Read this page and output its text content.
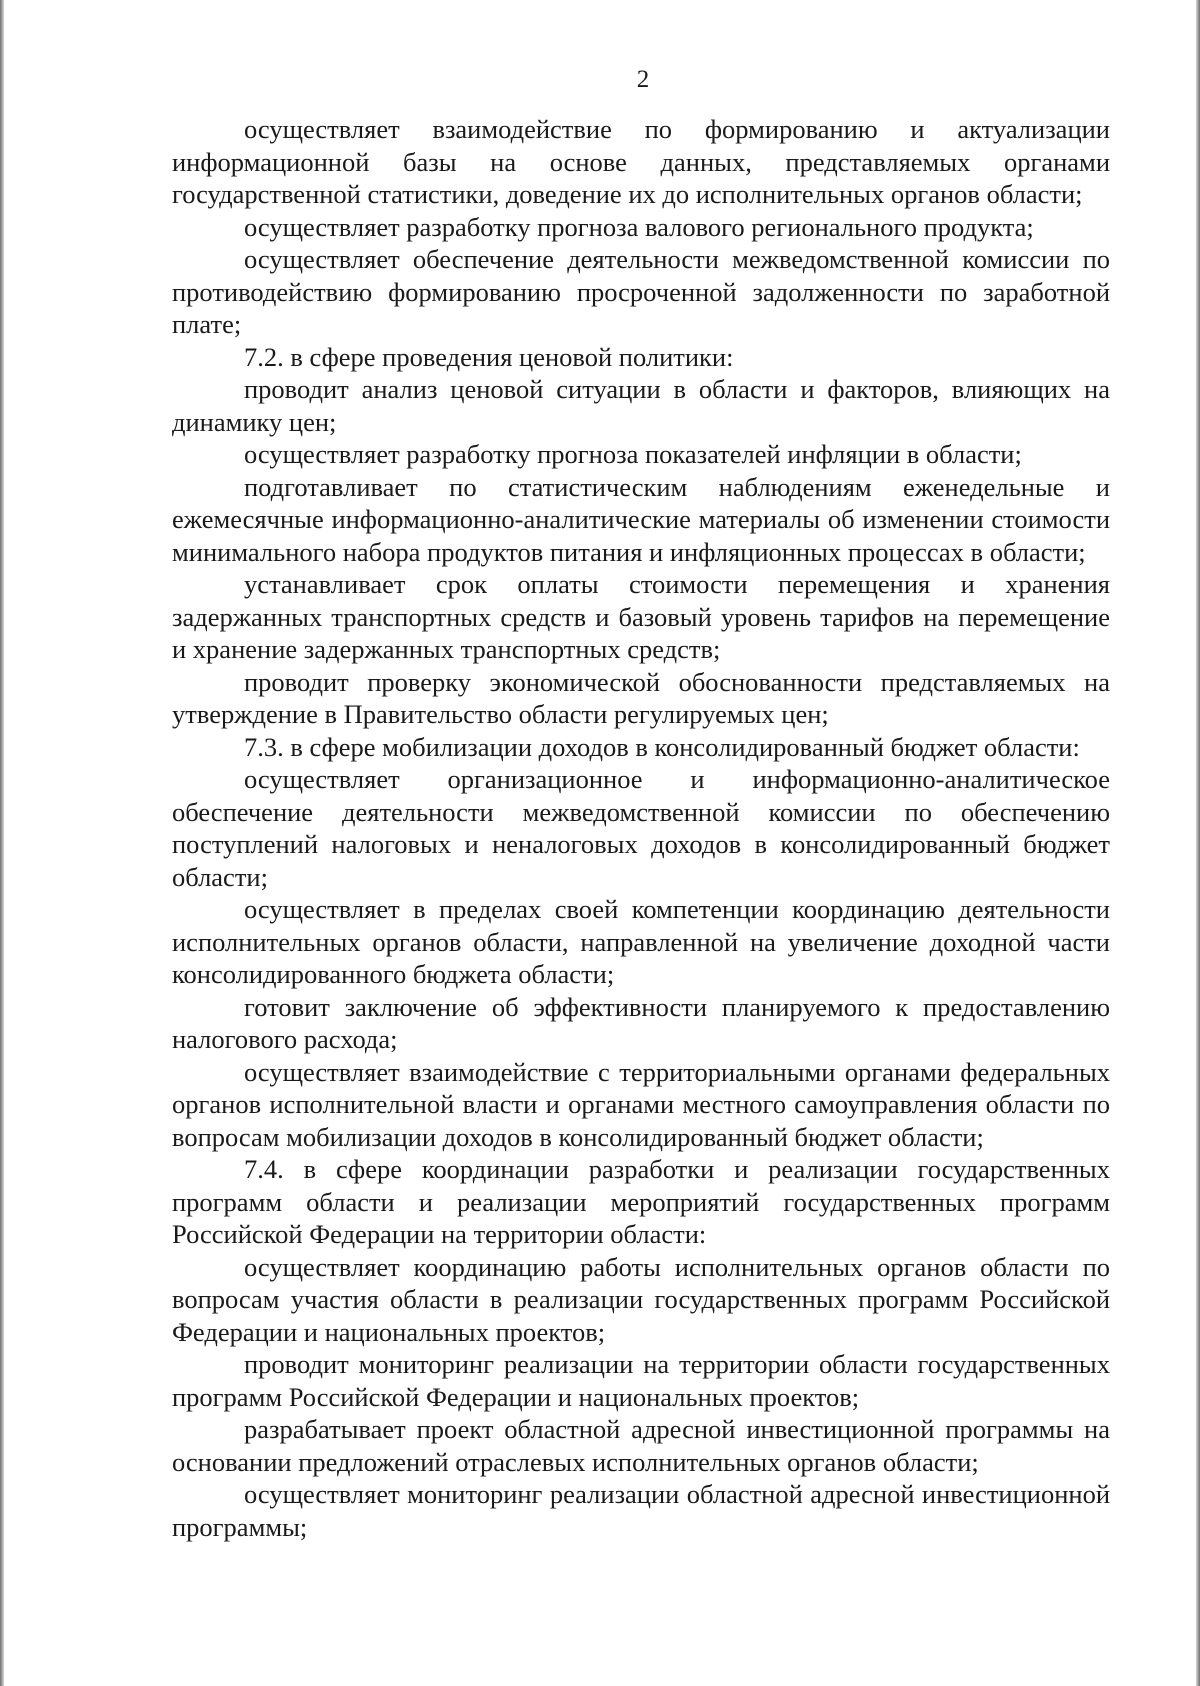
2

осуществляет взаимодействие по формированию и актуализации информационной базы на основе данных, представляемых органами государственной статистики, доведение их до исполнительных органов области;

осуществляет разработку прогноза валового регионального продукта;

осуществляет обеспечение деятельности межведомственной комиссии по противодействию формированию просроченной задолженности по заработной плате;

7.2. в сфере проведения ценовой политики:

проводит анализ ценовой ситуации в области и факторов, влияющих на динамику цен;

осуществляет разработку прогноза показателей инфляции в области;

подготавливает по статистическим наблюдениям еженедельные и ежемесячные информационно-аналитические материалы об изменении стоимости минимального набора продуктов питания и инфляционных процессах в области;

устанавливает срок оплаты стоимости перемещения и хранения задержанных транспортных средств и базовый уровень тарифов на перемещение и хранение задержанных транспортных средств;

проводит проверку экономической обоснованности представляемых на утверждение в Правительство области регулируемых цен;

7.3. в сфере мобилизации доходов в консолидированный бюджет области:

осуществляет организационное и информационно-аналитическое обеспечение деятельности межведомственной комиссии по обеспечению поступлений налоговых и неналоговых доходов в консолидированный бюджет области;

осуществляет в пределах своей компетенции координацию деятельности исполнительных органов области, направленной на увеличение доходной части консолидированного бюджета области;

готовит заключение об эффективности планируемого к предоставлению налогового расхода;

осуществляет взаимодействие с территориальными органами федеральных органов исполнительной власти и органами местного самоуправления области по вопросам мобилизации доходов в консолидированный бюджет области;

7.4. в сфере координации разработки и реализации государственных программ области и реализации мероприятий государственных программ Российской Федерации на территории области:

осуществляет координацию работы исполнительных органов области по вопросам участия области в реализации государственных программ Российской Федерации и национальных проектов;

проводит мониторинг реализации на территории области государственных программ Российской Федерации и национальных проектов;

разрабатывает проект областной адресной инвестиционной программы на основании предложений отраслевых исполнительных органов области;

осуществляет мониторинг реализации областной адресной инвестиционной программы;
